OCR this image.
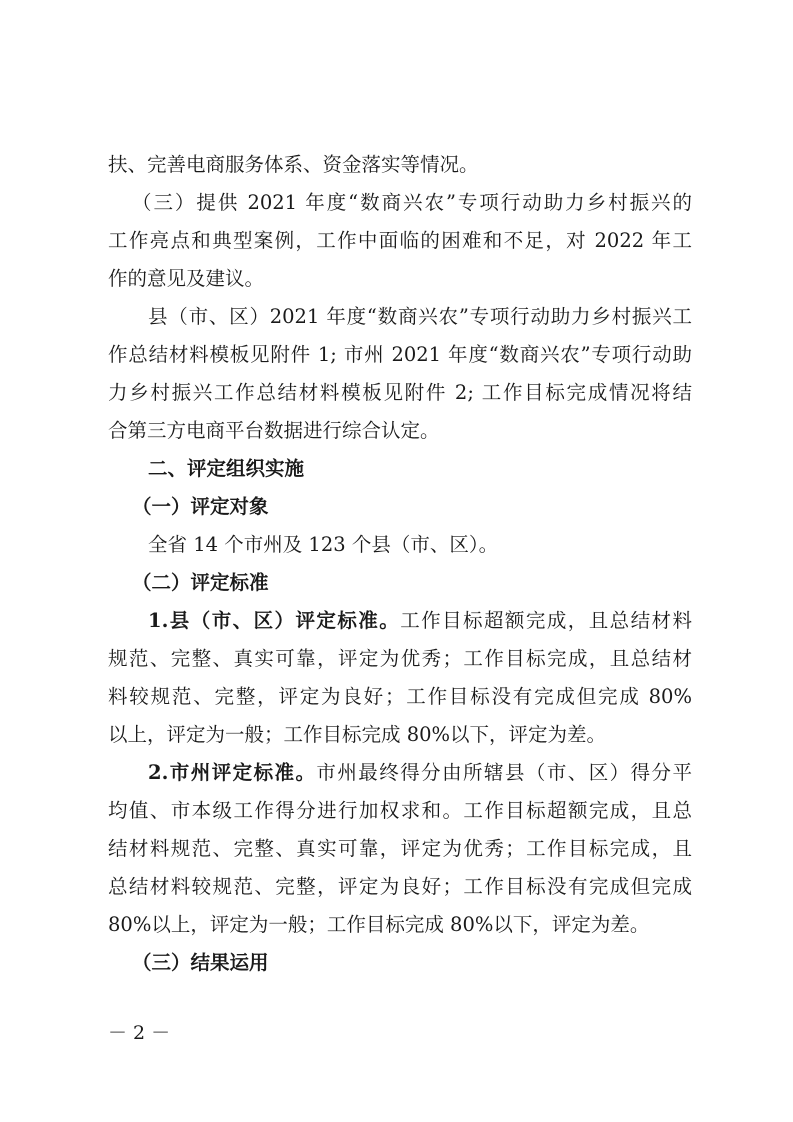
扶、完善电商服务体系、资金落实等情况。
（三）提供 2021 年度“数商兴农”专项行动助力乡村振兴的
工作亮点和典型案例，工作中面临的困难和不足，对 2022 年工
作的意见及建议。
县（市、区）2021 年度“数商兴农”专项行动助力乡村振兴工
作总结材料模板见附件 1; 市州 2021 年度“数商兴农”专项行动助
力乡村振兴工作总结材料模板见附件 2; 工作目标完成情况将结
合第三方电商平台数据进行综合认定。
二、评定组织实施
（一）评定对象
全省 14 个市州及 123 个县（市、区）。
（二）评定标准
1.县（市、区）评定标准。工作目标超额完成，且总结材料
规范、完整、真实可靠，评定为优秀；工作目标完成，且总结材
料较规范、完整，评定为良好；工作目标没有完成但完成 80%
以上，评定为一般；工作目标完成 80%以下，评定为差。
2.市州评定标准。市州最终得分由所辖县（市、区）得分平
均值、市本级工作得分进行加权求和。工作目标超额完成，且总
结材料规范、完整、真实可靠，评定为优秀；工作目标完成，且
总结材料较规范、完整，评定为良好；工作目标没有完成但完成
80%以上，评定为一般；工作目标完成 80%以下，评定为差。
（三）结果运用
－ 2 －
